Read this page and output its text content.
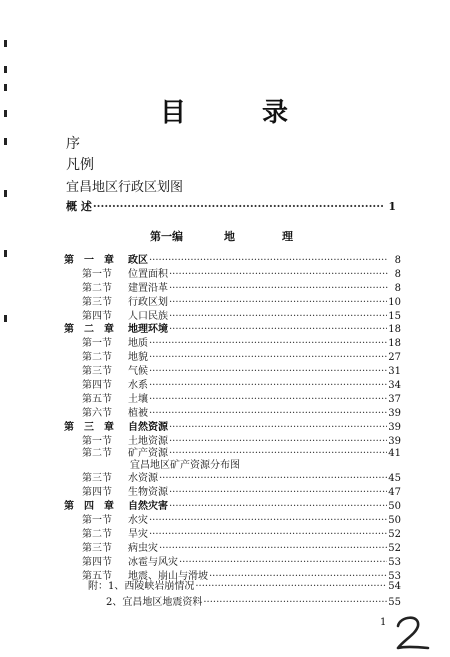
目	录
序
凡例
宜昌地区行政区划图
概 述 ·····	1
第一编	地	理
第 一 章 政区 ·····	8
第一节 位置面积 ·····	8
第二节 建置沿革 ·····	8
第三节 行政区划 ·····	10
第四节 人口民族 ·····	15
第 二 章 地理环境 ·····	18
第一节 地质 ·····	18
第二节 地貌 ·····	27
第三节 气候 ·····	31
第四节 水系 ·····	34
第五节 土壤 ·····	37
第六节 植被 ·····	39
第 三 章 自然资源 ·····	39
第一节 土地资源 ·····	39
第二节 矿产资源 ·····	41
宜昌地区矿产资源分布图
第三节 水资源 ·····	45
第四节 生物资源 ·····	47
第 四 章 自然灾害 ·····	50
第一节 水灾 ·····	50
第二节 旱灾 ·····	52
第三节 病虫灾 ·····	52
第四节 冰雹与风灾 ·····	53
第五节 地震、崩山与滑坡 ·····	53
附：1、 西陵峡岩崩情况 ·····	54
2、 宜昌地区地震资料 ·····	55
1
